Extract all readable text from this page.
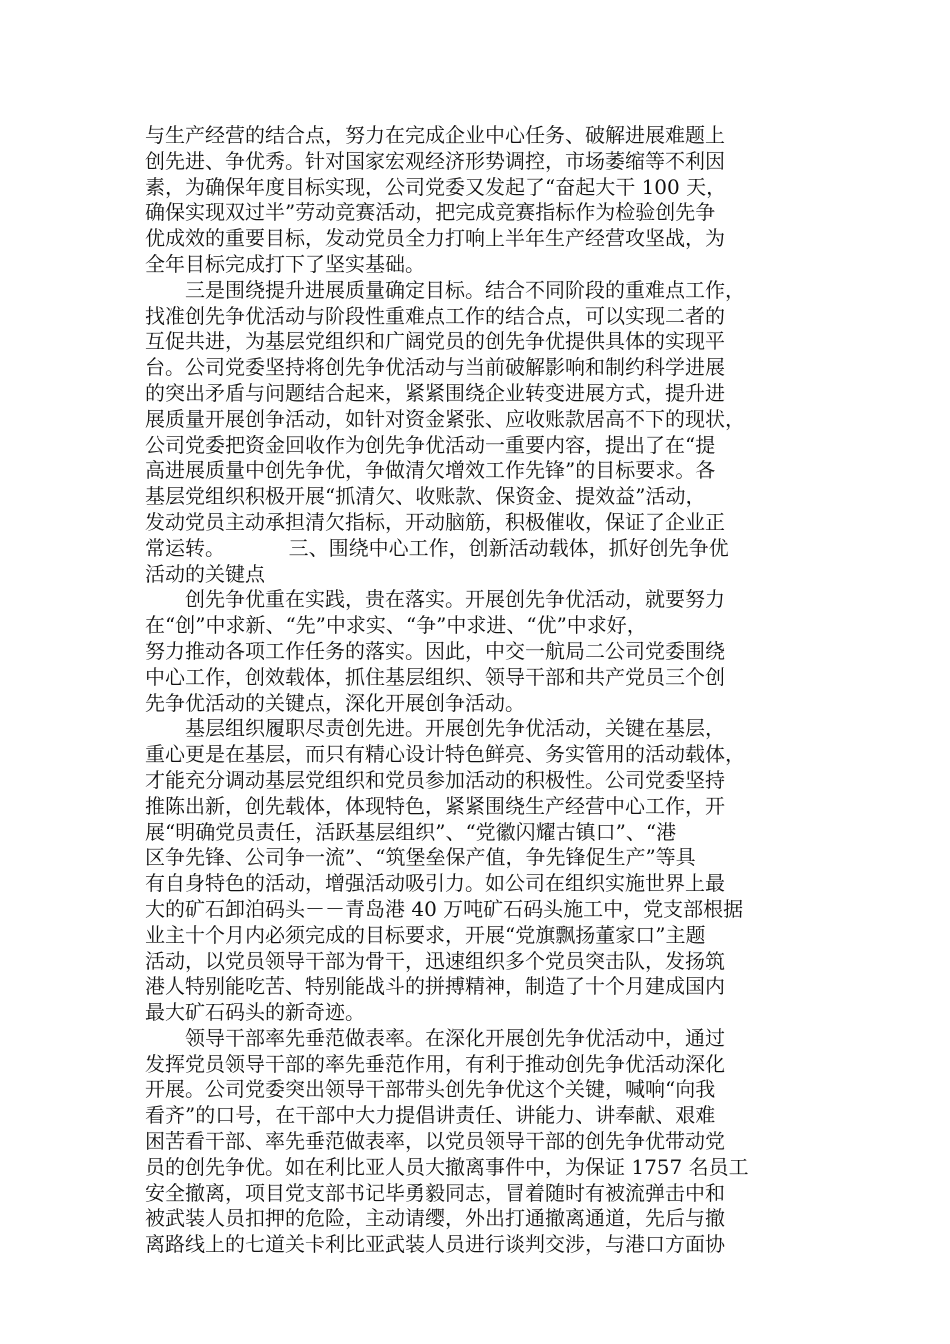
与生产经营的结合点，努力在完成企业中心任务、破解进展难题上
创先进、争优秀。针对国家宏观经济形势调控，市场萎缩等不利因
素，为确保年度目标实现，公司党委又发起了“奋起大干 100 天，
确保实现双过半”劳动竞赛活动，把完成竞赛指标作为检验创先争
优成效的重要目标，发动党员全力打响上半年生产经营攻坚战，为
全年目标完成打下了坚实基础。
三是围绕提升进展质量确定目标。结合不同阶段的重难点工作，
找准创先争优活动与阶段性重难点工作的结合点，可以实现二者的
互促共进，为基层党组织和广阔党员的创先争优提供具体的实现平
台。公司党委坚持将创先争优活动与当前破解影响和制约科学进展
的突出矛盾与问题结合起来，紧紧围绕企业转变进展方式，提升进
展质量开展创争活动，如针对资金紧张、应收账款居高不下的现状，
公司党委把资金回收作为创先争优活动一重要内容，提出了在“提
高进展质量中创先争优，争做清欠增效工作先锋”的目标要求。各
基层党组织积极开展“抓清欠、收账款、保资金、提效益”活动，
发动党员主动承担清欠指标，开动脑筋，积极催收，保证了企业正
常运转。          三、围绕中心工作，创新活动载体，抓好创先争优
活动的关键点
创先争优重在实践，贵在落实。开展创先争优活动，就要努力
在“创”中求新、“先”中求实、“争”中求进、“优”中求好，
努力推动各项工作任务的落实。因此，中交一航局二公司党委围绕
中心工作，创效载体，抓住基层组织、领导干部和共产党员三个创
先争优活动的关键点，深化开展创争活动。
基层组织履职尽责创先进。开展创先争优活动，关键在基层，
重心更是在基层，而只有精心设计特色鲜亮、务实管用的活动载体，
才能充分调动基层党组织和党员参加活动的积极性。公司党委坚持
推陈出新，创先载体，体现特色，紧紧围绕生产经营中心工作，开
展“明确党员责任，活跃基层组织”、“党徽闪耀古镇口”、“港
区争先锋、公司争一流”、“筑堡垒保产值，争先锋促生产”等具
有自身特色的活动，增强活动吸引力。如公司在组织实施世界上最
大的矿石卸泊码头－－青岛港 40 万吨矿石码头施工中，党支部根据
业主十个月内必须完成的目标要求，开展“党旗飘扬董家口”主题
活动，以党员领导干部为骨干，迅速组织多个党员突击队，发扬筑
港人特别能吃苦、特别能战斗的拼搏精神，制造了十个月建成国内
最大矿石码头的新奇迹。
领导干部率先垂范做表率。在深化开展创先争优活动中，通过
发挥党员领导干部的率先垂范作用，有利于推动创先争优活动深化
开展。公司党委突出领导干部带头创先争优这个关键，喊响“向我
看齐”的口号，在干部中大力提倡讲责任、讲能力、讲奉献、艰难
困苦看干部、率先垂范做表率，以党员领导干部的创先争优带动党
员的创先争优。如在利比亚人员大撤离事件中，为保证 1757 名员工
安全撤离，项目党支部书记毕勇毅同志，冒着随时有被流弹击中和
被武装人员扣押的危险，主动请缨，外出打通撤离通道，先后与撤
离路线上的七道关卡利比亚武装人员进行谈判交涉，与港口方面协
